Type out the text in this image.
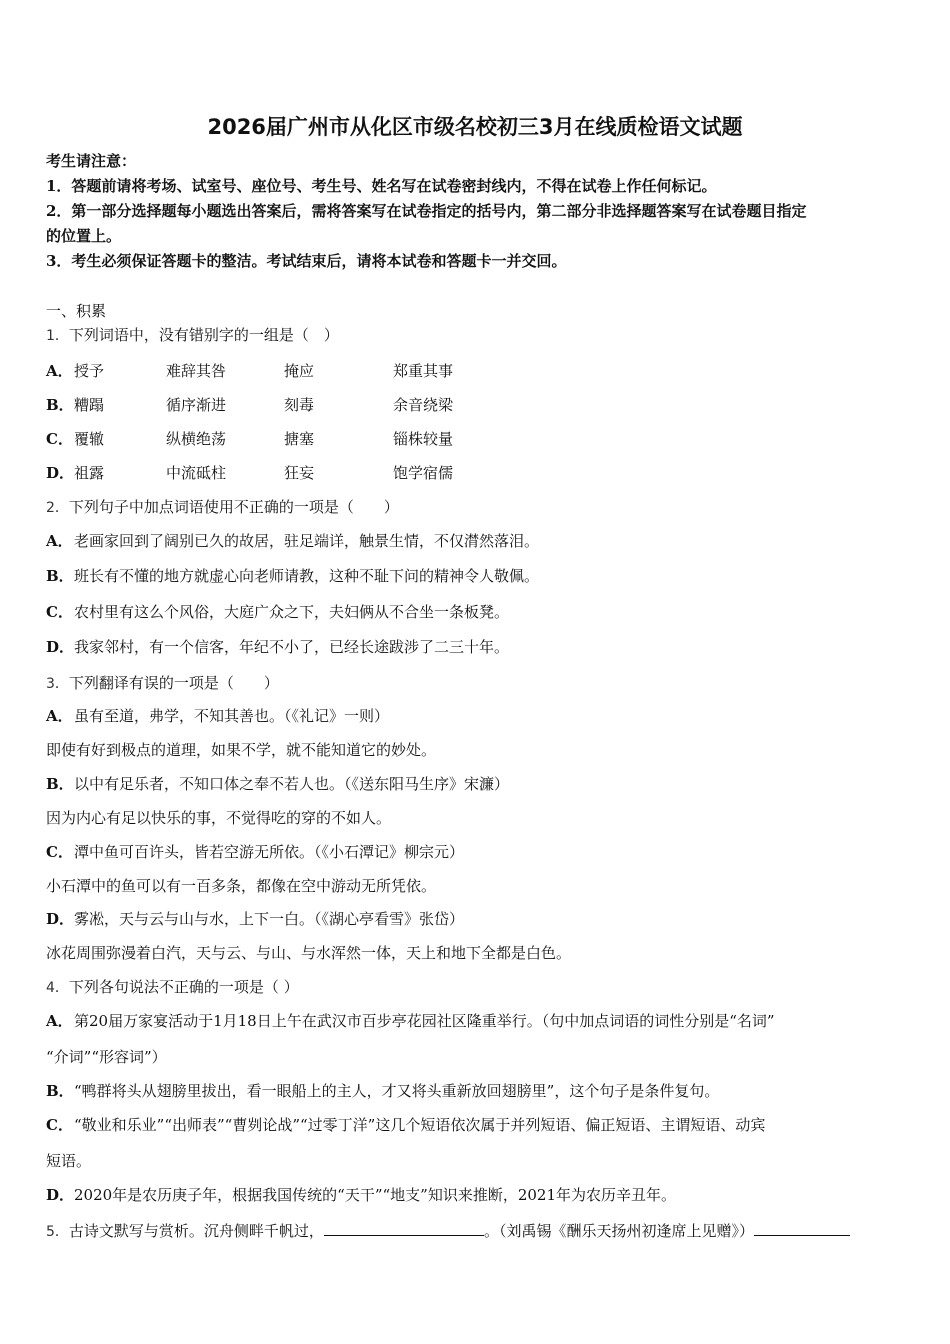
2026届广州市从化区市级名校初三3月在线质检语文试题
考生请注意：
1．答题前请将考场、试室号、座位号、考生号、姓名写在试卷密封线内，不得在试卷上作任何标记。
2．第一部分选择题每小题选出答案后，需将答案写在试卷指定的括号内，第二部分非选择题答案写在试卷题目指定
的位置上。
3．考生必须保证答题卡的整洁。考试结束后，请将本试卷和答题卡一并交回。
一、积累
1．下列词语中，没有错别字的一组是（　）
A． 授予	难辞其咎	掩应	郑重其事
B． 糟蹋	循序渐进	刻毒	余音绕梁
C． 覆辙	纵横绝荡	搪塞	锱株较量
D． 祖露	中流砥柱	狂妄	饱学宿儒
2．下列句子中加点词语使用不正确的一项是（　　）
A．老画家回到了阔别已久的故居，驻足端详，触景生情，不仅潸然落泪。
B．班长有不懂的地方就虚心向老师请教，这种不耻下问的精神令人敬佩。
C．农村里有这么个风俗，大庭广众之下，夫妇俩从不合坐一条板凳。
D．我家邻村，有一个信客，年纪不小了，已经长途跋涉了二三十年。
3．下列翻译有误的一项是（　　）
A．虽有至道，弗学，不知其善也。（《礼记》一则）
即使有好到极点的道理，如果不学，就不能知道它的妙处。
B．以中有足乐者，不知口体之奉不若人也。（《送东阳马生序》宋濂）
因为内心有足以快乐的事，不觉得吃的穿的不如人。
C．潭中鱼可百许头，皆若空游无所依。（《小石潭记》柳宗元）
小石潭中的鱼可以有一百多条，都像在空中游动无所凭依。
D．雾凇，天与云与山与水，上下一白。（《湖心亭看雪》张岱）
冰花周围弥漫着白汽，天与云、与山、与水浑然一体，天上和地下全都是白色。
4．下列各句说法不正确的一项是（ ）
A．第20届万家宴活动于1月18日上午在武汉市百步亭花园社区隆重举行。（句中加点词语的词性分别是“名词”
“介词”“形容词”）
B．“鸭群将头从翅膀里拔出，看一眼船上的主人，才又将头重新放回翅膀里”，这个句子是条件复句。
C．“敬业和乐业”“出师表”“曹刿论战”“过零丁洋”这几个短语依次属于并列短语、偏正短语、主谓短语、动宾
短语。
D．2020年是农历庚子年，根据我国传统的“天干”“地支”知识来推断，2021年为农历辛丑年。
5．古诗文默写与赏析。沉舟侧畔千帆过，	。（刘禹锡《酬乐天扬州初逢席上见赠》）
